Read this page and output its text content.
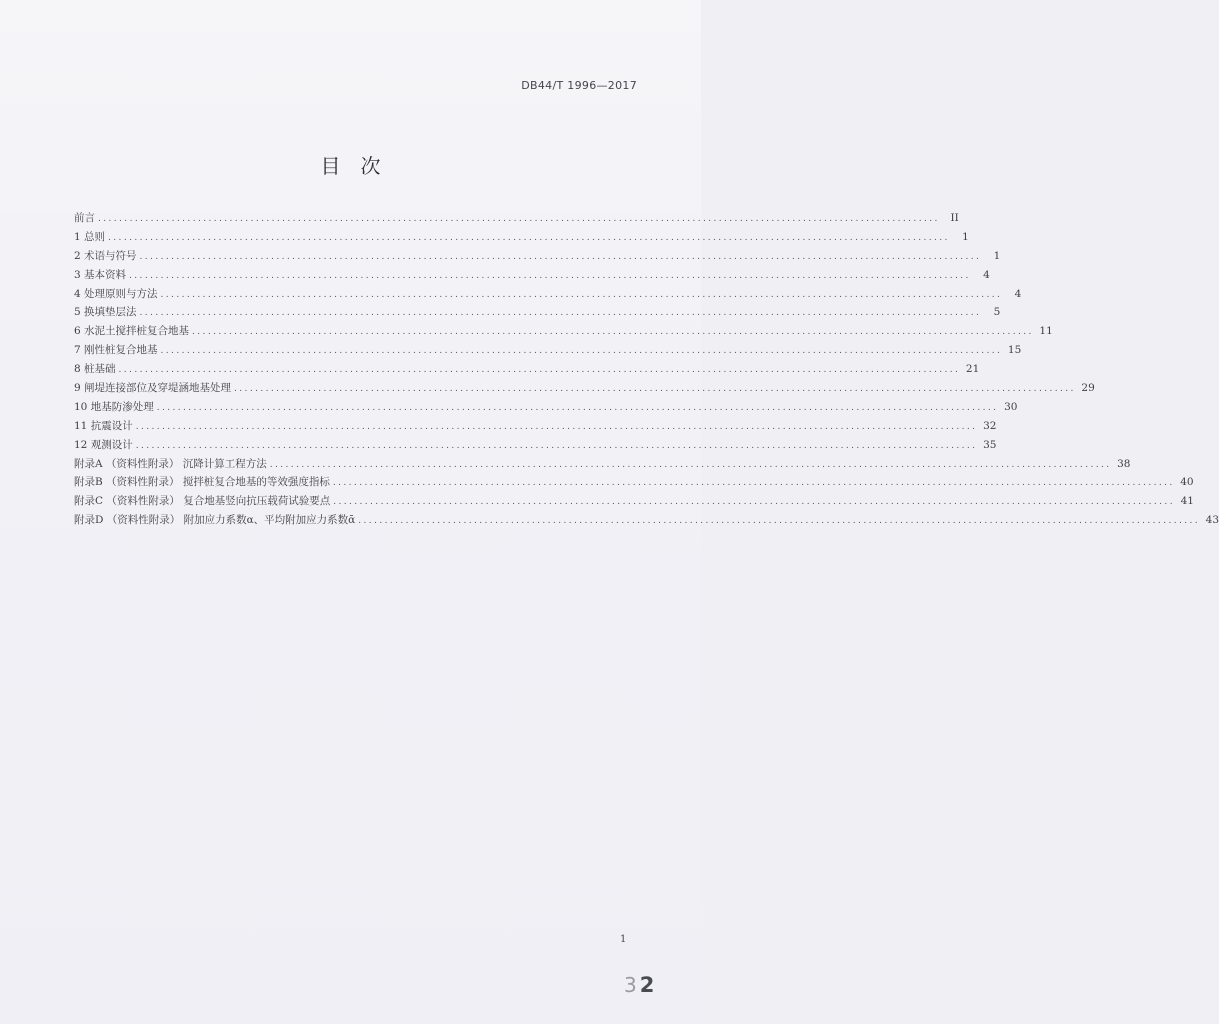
DB44/T 1996—2017
目次
前言 ................................................................................................................................................................	II
1 总则 ................................................................................................................................................................	1
2 术语与符号 ................................................................................................................................................................	1
3 基本资料 ................................................................................................................................................................	4
4 处理原则与方法 ................................................................................................................................................................	4
5 换填垫层法 ................................................................................................................................................................	5
6 水泥土搅拌桩复合地基 ................................................................................................................................................................ 11
7 刚性桩复合地基 ................................................................................................................................................................ 15
8 桩基础 ................................................................................................................................................................ 21
9 闸堤连接部位及穿堤涵地基处理 ................................................................................................................................................................ 29
10 地基防渗处理 ................................................................................................................................................................ 30
11 抗震设计 ................................................................................................................................................................ 32
12 观测设计 ................................................................................................................................................................ 35
附录A （资料性附录） 沉降计算工程方法 ................................................................................................................................................................ 38
附录B （资料性附录） 搅拌桩复合地基的等效强度指标 ................................................................................................................................................................ 40
附录C （资料性附录） 复合地基竖向抗压载荷试验要点 ................................................................................................................................................................ 41
附录D （资料性附录） 附加应力系数α、平均附加应力系数ᾱ ................................................................................................................................................................ 43
1
3 2
